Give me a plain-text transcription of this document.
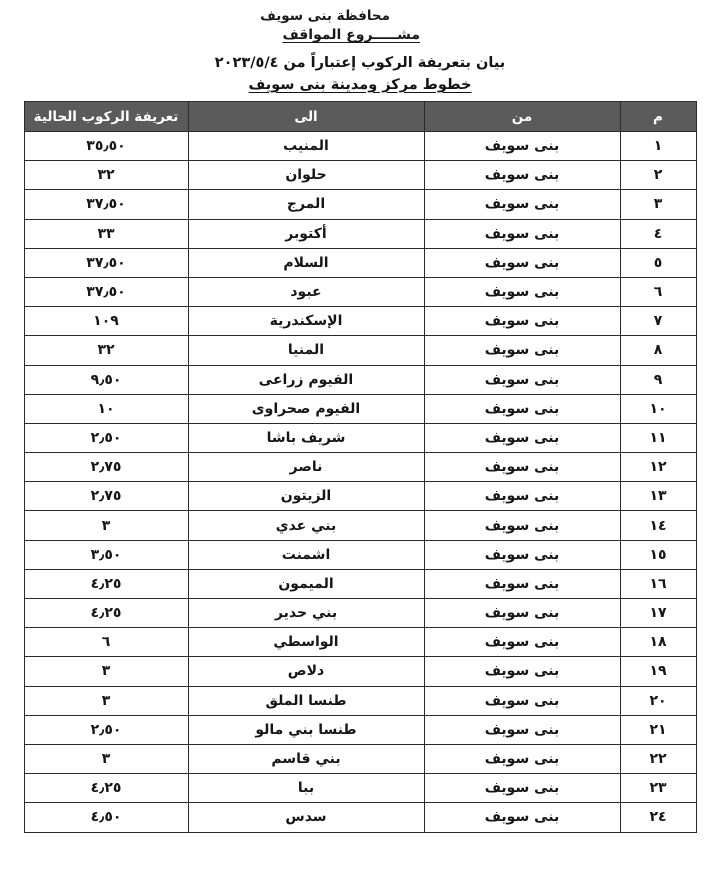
محافظة بنى سويف
مشـــــروع المواقف
بيان بتعريفة الركوب إعتباراً من ٢٠٢٣/٥/٤
خطوط مركز ومدينة بنى سويف
م	من	الى	تعريفة الركوب الحالية
١	بنى سويف	المنيب	٣٥٫٥٠
٢	بنى سويف	حلوان	٣٢
٣	بنى سويف	المرج	٣٧٫٥٠
٤	بنى سويف	أكتوبر	٣٣
٥	بنى سويف	السلام	٣٧٫٥٠
٦	بنى سويف	عبود	٣٧٫٥٠
٧	بنى سويف	الإسكندرية	١٠٩
٨	بنى سويف	المنيا	٣٢
٩	بنى سويف	الفيوم زراعى	٩٫٥٠
١٠	بنى سويف	الفيوم صحراوى	١٠
١١	بنى سويف	شريف باشا	٢٫٥٠
١٢	بنى سويف	ناصر	٢٫٧٥
١٣	بنى سويف	الزيتون	٢٫٧٥
١٤	بنى سويف	بني عدي	٣
١٥	بنى سويف	اشمنت	٣٫٥٠
١٦	بنى سويف	الميمون	٤٫٢٥
١٧	بنى سويف	بني حدير	٤٫٢٥
١٨	بنى سويف	الواسطي	٦
١٩	بنى سويف	دلاص	٣
٢٠	بنى سويف	طنسا الملق	٣
٢١	بنى سويف	طنسا بني مالو	٢٫٥٠
٢٢	بنى سويف	بني قاسم	٣
٢٣	بنى سويف	ببا	٤٫٢٥
٢٤	بنى سويف	سدس	٤٫٥٠
